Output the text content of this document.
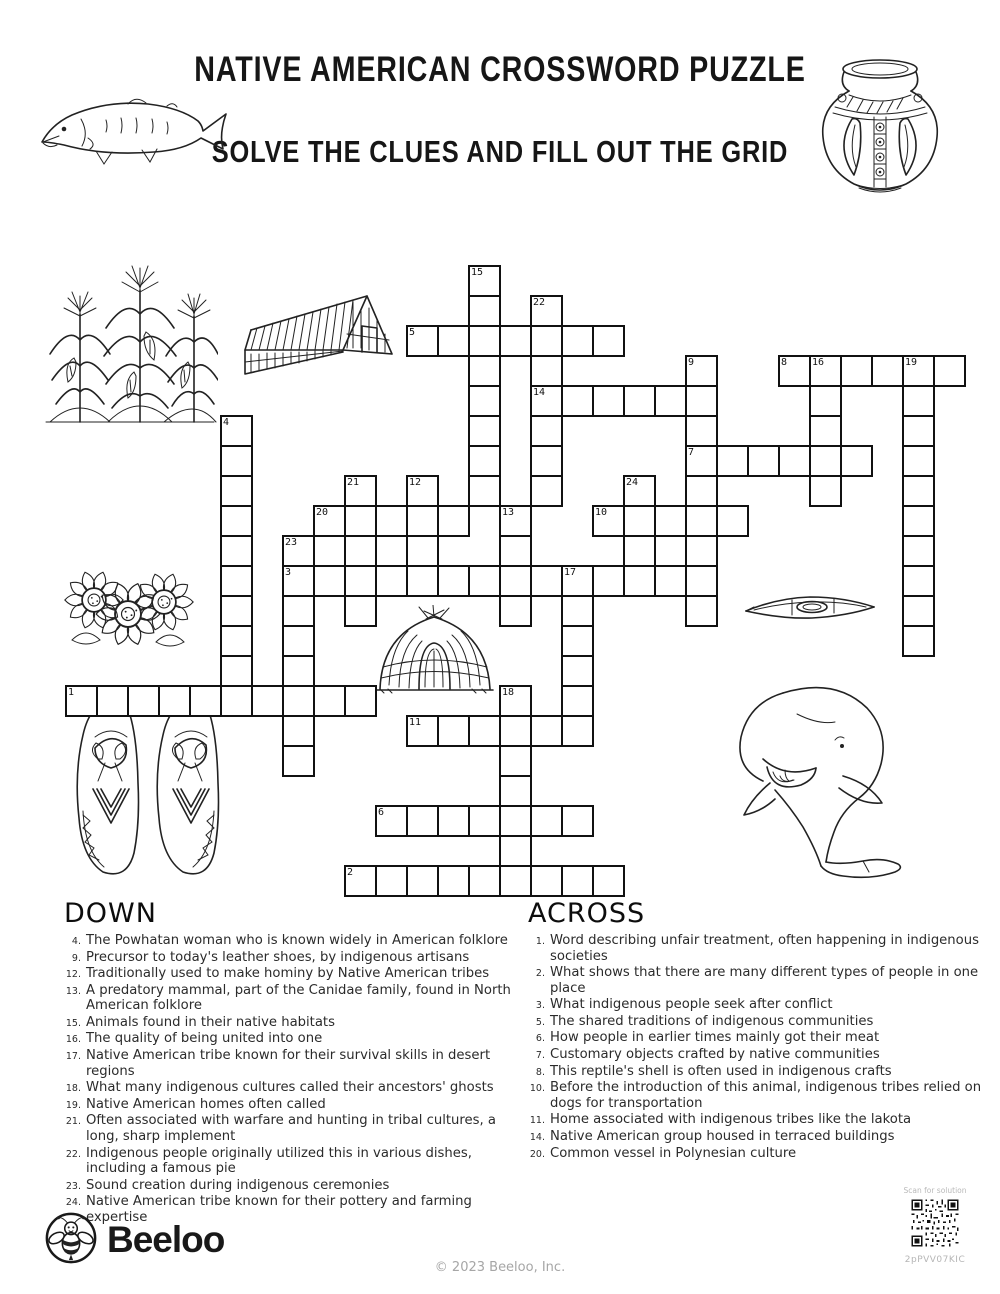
NATIVE AMERICAN CROSSWORD PUZZLE
SOLVE THE CLUES AND FILL OUT THE GRID
1
2
3
4
5
6
7
8
9
10
11
12
13
14
15
16
17
18
19
20
21
22
23
24
DOWN
4. The Powhatan woman who is known widely in American folklore
9. Precursor to today's leather shoes, by indigenous artisans
12. Traditionally used to make hominy by Native American tribes
13. A predatory mammal, part of the Canidae family, found in North American folklore
15. Animals found in their native habitats
16. The quality of being united into one
17. Native American tribe known for their survival skills in desert regions
18. What many indigenous cultures called their ancestors' ghosts
19. Native American homes often called
21. Often associated with warfare and hunting in tribal cultures, a long, sharp implement
22. Indigenous people originally utilized this in various dishes, including a famous pie
23. Sound creation during indigenous ceremonies
24. Native American tribe known for their pottery and farming expertise
ACROSS
1. Word describing unfair treatment, often happening in indigenous societies
2. What shows that there are many different types of people in one place
3. What indigenous people seek after conflict
5. The shared traditions of indigenous communities
6. How people in earlier times mainly got their meat
7. Customary objects crafted by native communities
8. This reptile's shell is often used in indigenous crafts
10. Before the introduction of this animal, indigenous tribes relied on dogs for transportation
11. Home associated with indigenous tribes like the lakota
14. Native American group housed in terraced buildings
20. Common vessel in Polynesian culture
Beeloo
© 2023 Beeloo, Inc.
Scan for solution
2pPVV07KIC
